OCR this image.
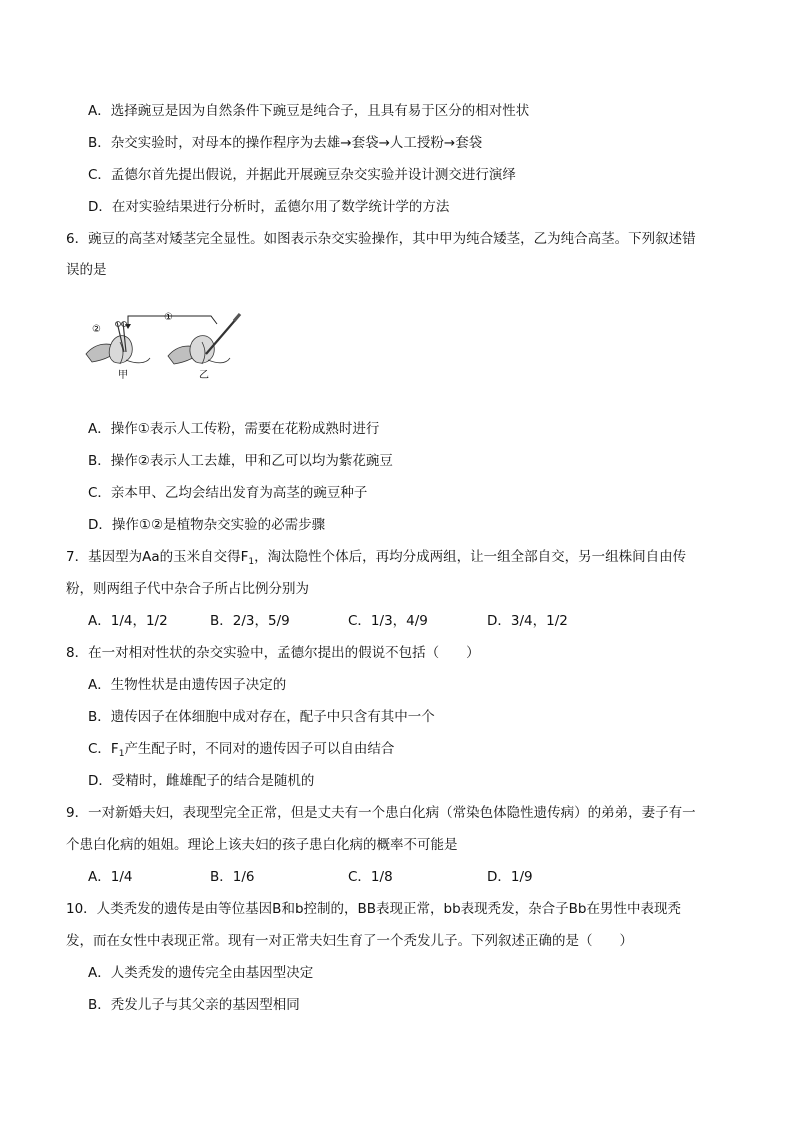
A．选择豌豆是因为自然条件下豌豆是纯合子，且具有易于区分的相对性状
B．杂交实验时，对母本的操作程序为去雄→套袋→人工授粉→套袋
C．孟德尔首先提出假说，并据此开展豌豆杂交实验并设计测交进行演绎
D．在对实验结果进行分析时，孟德尔用了数学统计学的方法
6．豌豆的高茎对矮茎完全显性。如图表示杂交实验操作，其中甲为纯合矮茎，乙为纯合高茎。下列叙述错
误的是
①
②
甲	乙
A．操作①表示人工传粉，需要在花粉成熟时进行
B．操作②表示人工去雄，甲和乙可以均为紫花豌豆
C．亲本甲、乙均会结出发育为高茎的豌豆种子
D．操作①②是植物杂交实验的必需步骤
7．基因型为Aa的玉米自交得$F_1$，淘汰隐性个体后，再均分成两组，让一组全部自交，另一组株间自由传
粉，则两组子代中杂合子所占比例分别为
A．1/4，1/2	B．2/3，5/9	C．1/3，4/9	D．3/4，1/2
8．在一对相对性状的杂交实验中，孟德尔提出的假说不包括（　　）
A．生物性状是由遗传因子决定的
B．遗传因子在体细胞中成对存在，配子中只含有其中一个
C．$F_1$产生配子时，不同对的遗传因子可以自由结合
D．受精时，雌雄配子的结合是随机的
9．一对新婚夫妇，表现型完全正常，但是丈夫有一个患白化病（常染色体隐性遗传病）的弟弟，妻子有一
个患白化病的姐姐。理论上该夫妇的孩子患白化病的概率不可能是
A．1/4	B．1/6	C．1/8	D．1/9
10．人类秃发的遗传是由等位基因B和b控制的，BB表现正常，bb表现秃发，杂合子Bb在男性中表现秃
发，而在女性中表现正常。现有一对正常夫妇生育了一个秃发儿子。下列叙述正确的是（　　）
A．人类秃发的遗传完全由基因型决定
B．秃发儿子与其父亲的基因型相同
